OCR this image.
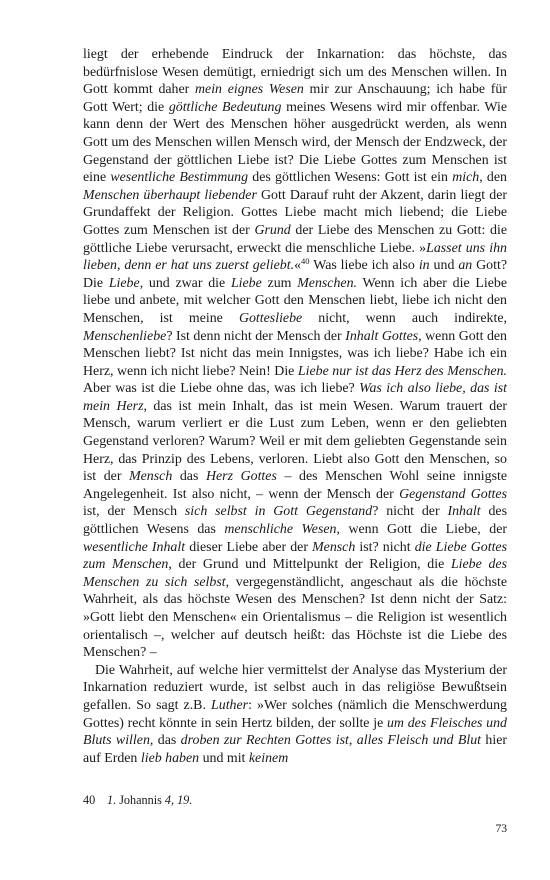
liegt der erhebende Eindruck der Inkarnation: das höchste, das bedürfnislose Wesen demütigt, erniedrigt sich um des Menschen willen. In Gott kommt daher mein eignes Wesen mir zur Anschauung; ich habe für Gott Wert; die göttliche Bedeutung meines Wesens wird mir offenbar. Wie kann denn der Wert des Menschen höher ausgedrückt werden, als wenn Gott um des Menschen willen Mensch wird, der Mensch der Endzweck, der Gegenstand der göttlichen Liebe ist? Die Liebe Gottes zum Menschen ist eine wesentliche Bestimmung des göttlichen Wesens: Gott ist ein mich, den Menschen überhaupt liebender Gott Darauf ruht der Akzent, darin liegt der Grundaffekt der Religion. Gottes Liebe macht mich liebend; die Liebe Gottes zum Menschen ist der Grund der Liebe des Menschen zu Gott: die göttliche Liebe verursacht, erweckt die menschliche Liebe. »Lasset uns ihn lieben, denn er hat uns zuerst geliebt.«$^{40}$ Was liebe ich also in und an Gott? Die Liebe, und zwar die Liebe zum Menschen. Wenn ich aber die Liebe liebe und anbete, mit welcher Gott den Menschen liebt, liebe ich nicht den Menschen, ist meine Gottesliebe nicht, wenn auch indirekte, Menschenliebe? Ist denn nicht der Mensch der Inhalt Gottes, wenn Gott den Menschen liebt? Ist nicht das mein Innigstes, was ich liebe? Habe ich ein Herz, wenn ich nicht liebe? Nein! Die Liebe nur ist das Herz des Menschen. Aber was ist die Liebe ohne das, was ich liebe? Was ich also liebe, das ist mein Herz, das ist mein Inhalt, das ist mein Wesen. Warum trauert der Mensch, warum verliert er die Lust zum Leben, wenn er den geliebten Gegenstand verloren? Warum? Weil er mit dem geliebten Gegenstande sein Herz, das Prinzip des Lebens, verloren. Liebt also Gott den Menschen, so ist der Mensch das Herz Gottes – des Menschen Wohl seine innigste Angelegenheit. Ist also nicht, – wenn der Mensch der Gegenstand Gottes ist, der Mensch sich selbst in Gott Gegenstand? nicht der Inhalt des göttlichen Wesens das menschliche Wesen, wenn Gott die Liebe, der wesentliche Inhalt dieser Liebe aber der Mensch ist? nicht die Liebe Gottes zum Menschen, der Grund und Mittelpunkt der Religion, die Liebe des Menschen zu sich selbst, vergegenständlicht, angeschaut als die höchste Wahrheit, als das höchste Wesen des Menschen? Ist denn nicht der Satz: »Gott liebt den Menschen« ein Orientalismus – die Religion ist wesentlich orientalisch –, welcher auf deutsch heißt: das Höchste ist die Liebe des Menschen? –

Die Wahrheit, auf welche hier vermittelst der Analyse das Mysterium der Inkarnation reduziert wurde, ist selbst auch in das religiöse Bewußtsein gefallen. So sagt z.B. Luther: »Wer solches (nämlich die Menschwerdung Gottes) recht könnte in sein Hertz bilden, der sollte je um des Fleisches und Bluts willen, das droben zur Rechten Gottes ist, alles Fleisch und Blut hier auf Erden lieb haben und mit keinem

40 1. Johannis 4, 19.
73
